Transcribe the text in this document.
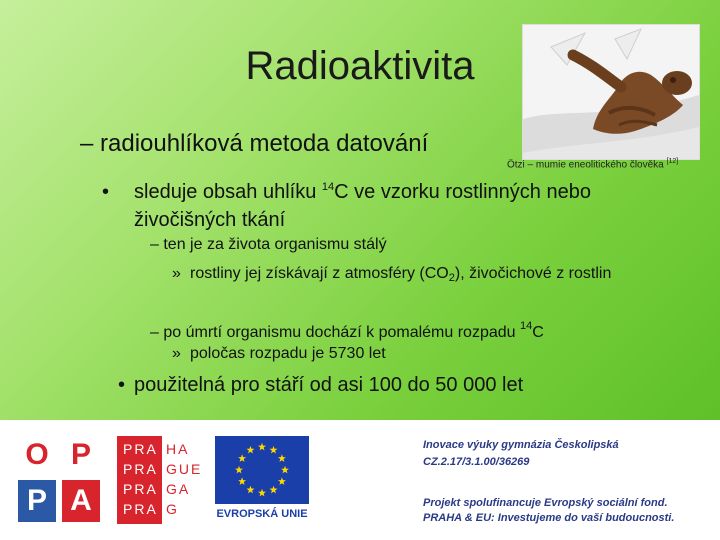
Radioaktivita
Ötzi – mumie eneolitického člověka [12]
– radiouhlíková metoda datování
• sleduje obsah uhlíku $^{14}$C ve vzorku rostlinných nebo živočišných tkání
– ten je za života organismu stálý
» rostliny jej získávají z atmosféry $(CO_2)$, živočichové z rostlin
– po úmrtí organismu dochází k pomalému rozpadu $^{14}$C
» poločas rozpadu je 5730 let
• použitelná pro stáří od asi 100 do 50 000 let
O P
P A
PRA
PRA
PRA
PRA
HA
GUE
GA
G	EVROPSKÁ UNIE
Inovace výuky gymnázia Českolipská
CZ.2.17/3.1.00/36269
Projekt spolufinancuje Evropský sociální fond.
PRAHA & EU: Investujeme do vaší budoucnosti.
